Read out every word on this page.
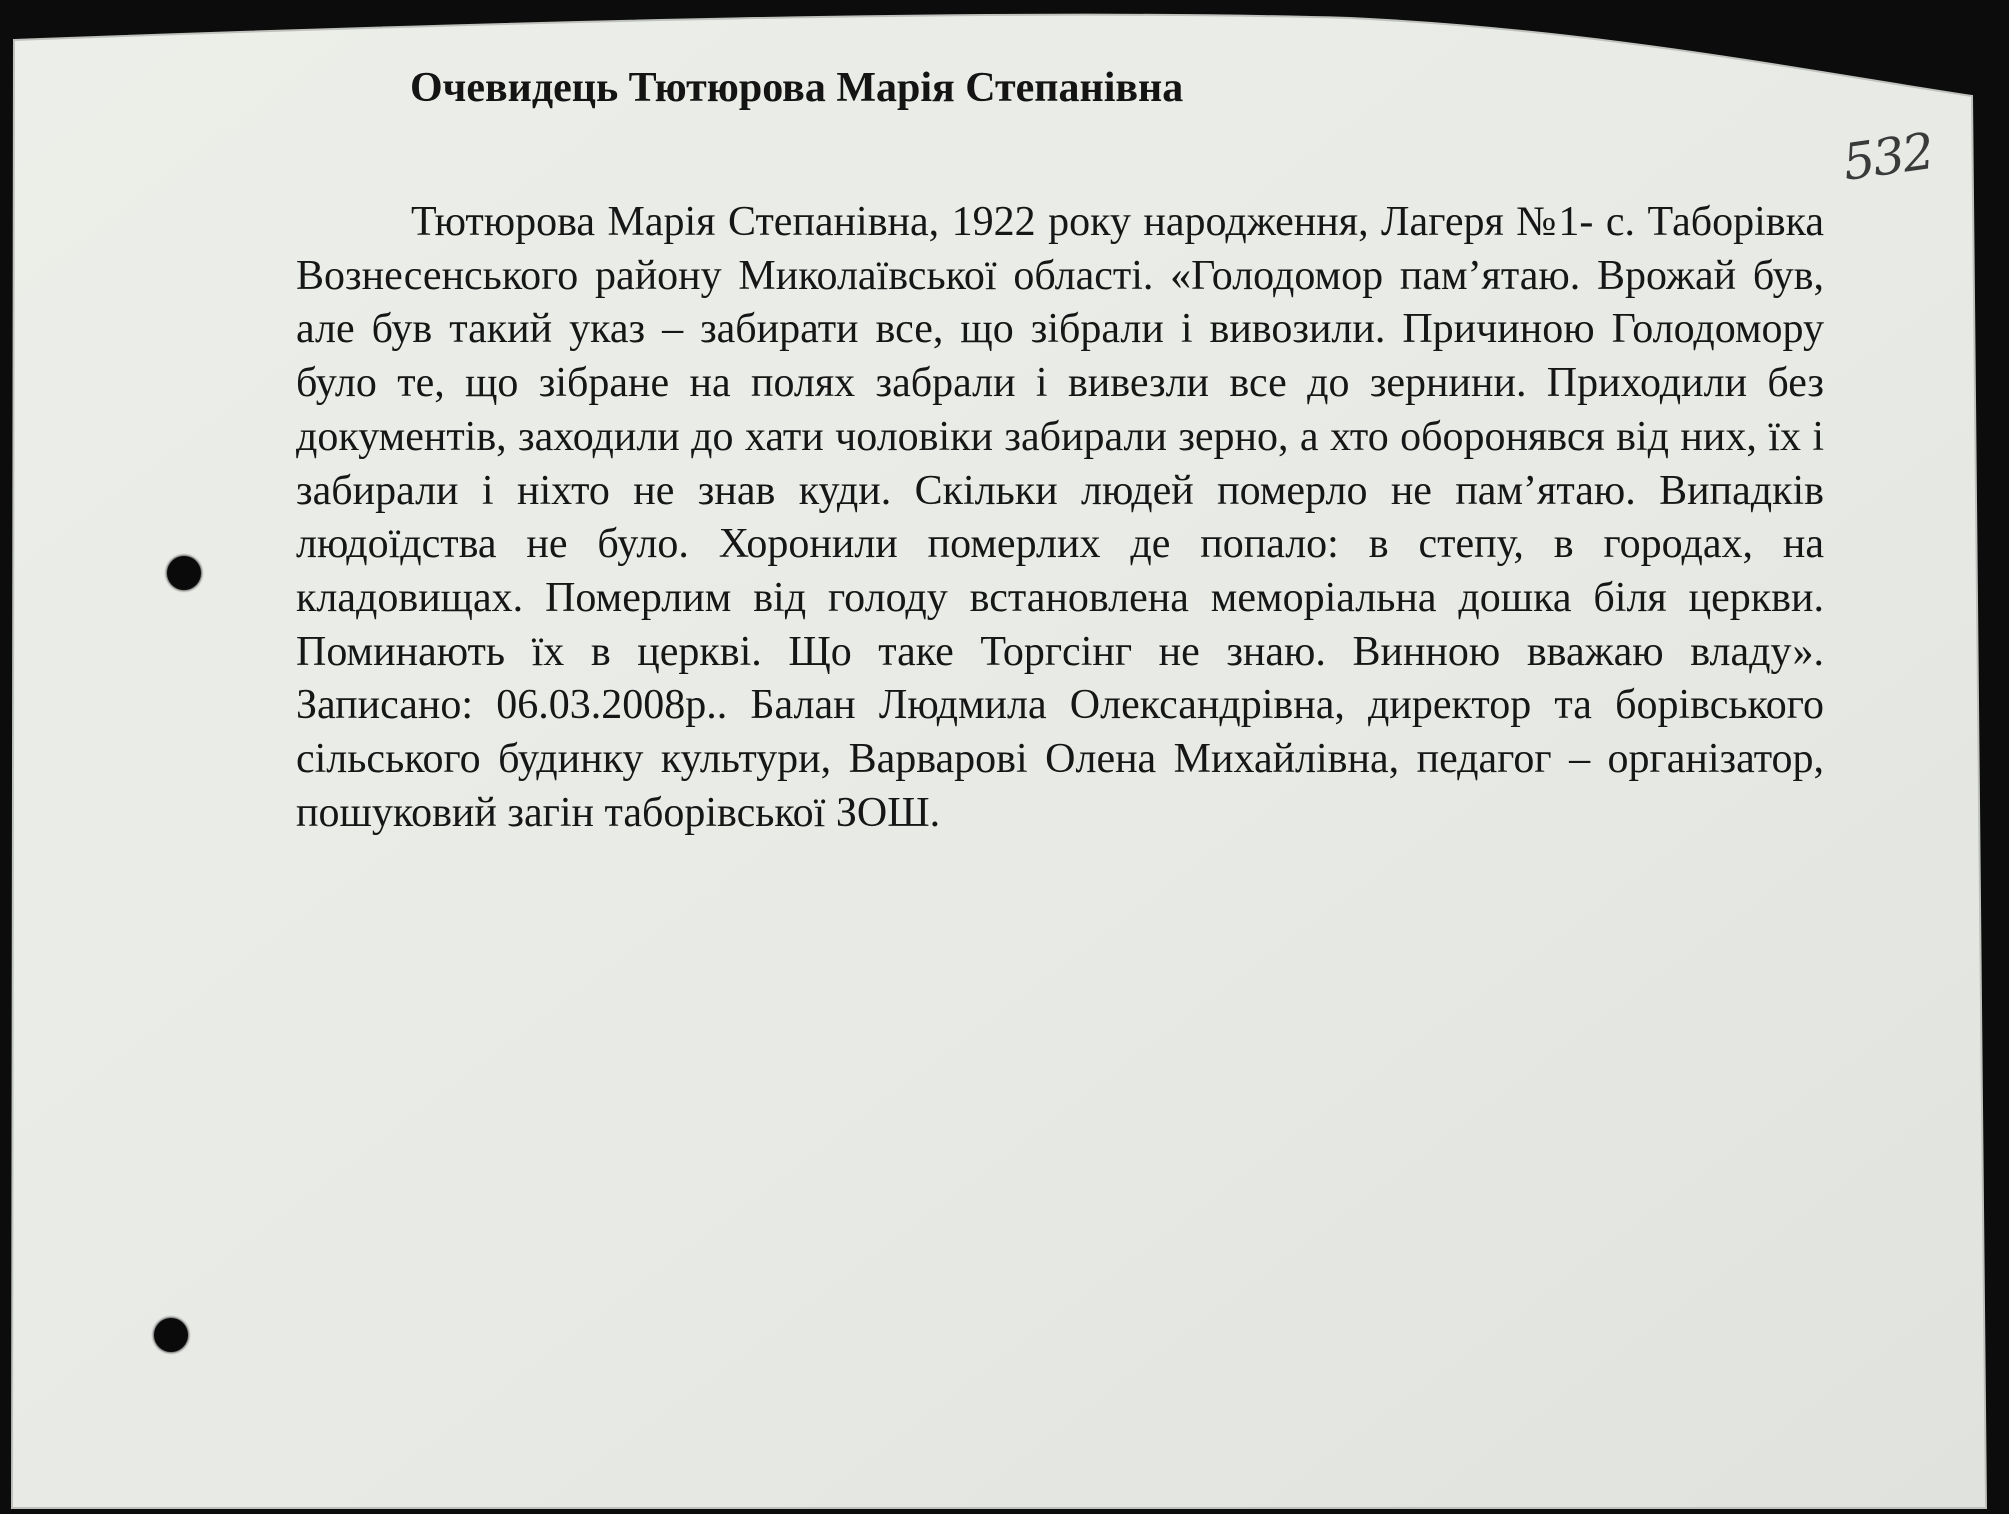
Очевидець Тютюрова Марія Степанівна
532

Тютюрова Марія Степанівна, 1922 року народження, Лагеря №1- с. Таборівка Вознесенського району Миколаївської області. «Голодомор пам’ятаю. Врожай був, але був такий указ – забирати все, що зібрали і вивозили. Причиною Голодомору було те, що зібране на полях забрали і вивезли все до зернини. Приходили без документів, заходили до хати чоловіки забирали зерно, а хто оборонявся від них, їх і забирали і ніхто не знав куди. Скільки людей померло не пам’ятаю. Випадків людоїдства не було. Хоронили померлих де попало: в степу, в городах, на кладовищах. Померлим від голоду встановлена меморіальна дошка біля церкви. Поминають їх в церкві. Що таке Торгсінг не знаю. Винною вважаю владу». Записано: 06.03.2008р.. Балан Людмила Олександрівна, директор та борівського сільського будинку культури, Варварові Олена Михайлівна, педагог – організатор, пошуковий загін таборівської ЗОШ.
